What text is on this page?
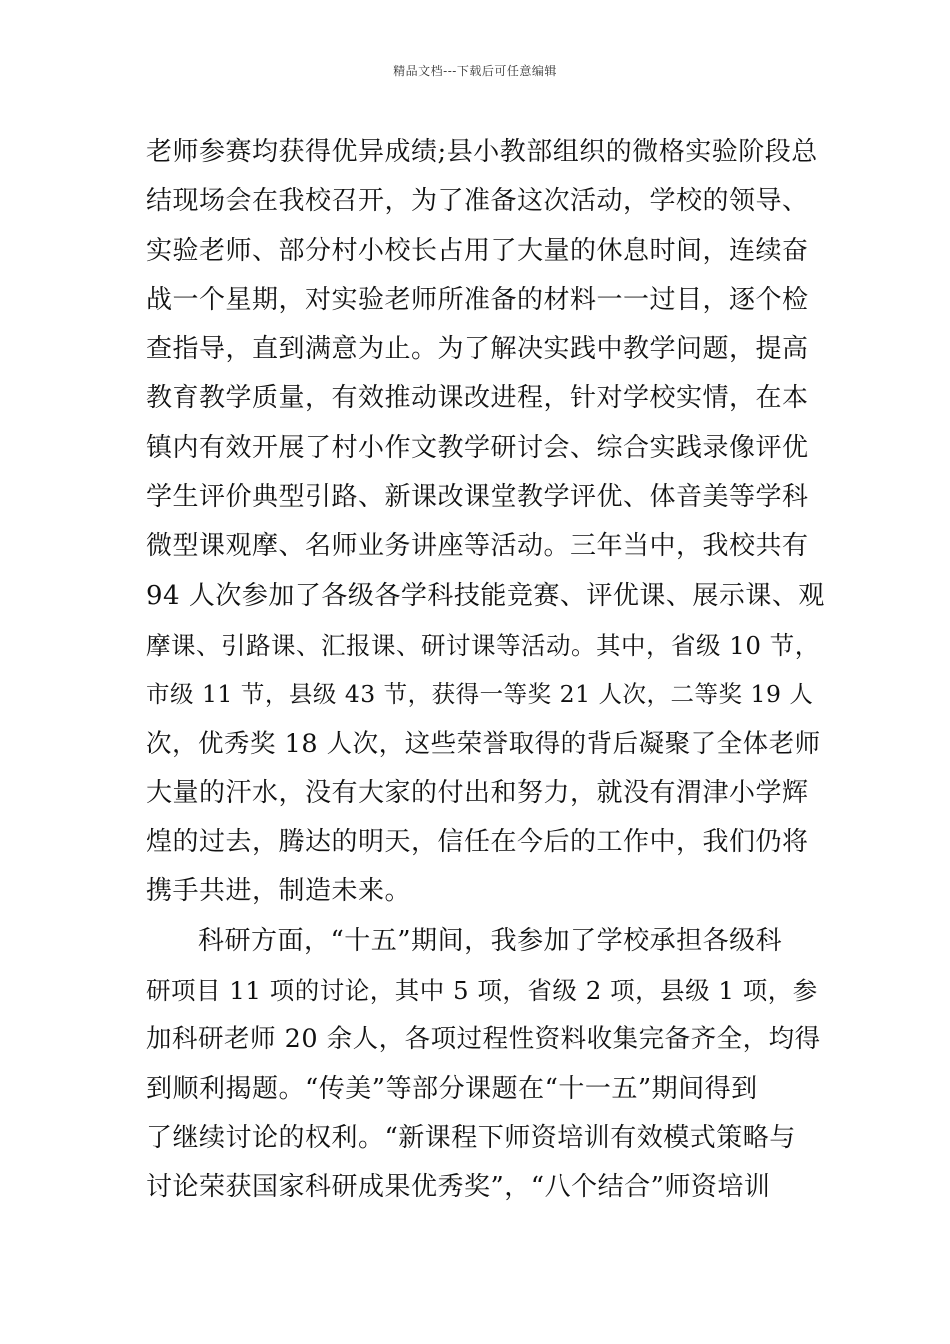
精品文档---下载后可任意编辑
老师参赛均获得优异成绩;县小教部组织的微格实验阶段总
结现场会在我校召开，为了准备这次活动，学校的领导、
实验老师、部分村小校长占用了大量的休息时间，连续奋
战一个星期，对实验老师所准备的材料一一过目，逐个检
查指导，直到满意为止。为了解决实践中教学问题，提高
教育教学质量，有效推动课改进程，针对学校实情，在本
镇内有效开展了村小作文教学研讨会、综合实践录像评优
学生评价典型引路、新课改课堂教学评优、体音美等学科
微型课观摩、名师业务讲座等活动。三年当中，我校共有
94 人次参加了各级各学科技能竞赛、评优课、展示课、观
摩课、引路课、汇报课、研讨课等活动。其中，省级 10 节，
市级 11 节，县级 43 节，获得一等奖 21 人次，二等奖 19 人
次，优秀奖 18 人次，这些荣誉取得的背后凝聚了全体老师
大量的汗水，没有大家的付出和努力，就没有渭津小学辉
煌的过去，腾达的明天，信任在今后的工作中，我们仍将
携手共进，制造未来。
科研方面，“十五”期间，我参加了学校承担各级科
研项目 11 项的讨论，其中 5 项，省级 2 项，县级 1 项，参
加科研老师 20 余人，各项过程性资料收集完备齐全，均得
到顺利揭题。“传美”等部分课题在“十一五”期间得到
了继续讨论的权利。“新课程下师资培训有效模式策略与
讨论荣获国家科研成果优秀奖”，“八个结合”师资培训
